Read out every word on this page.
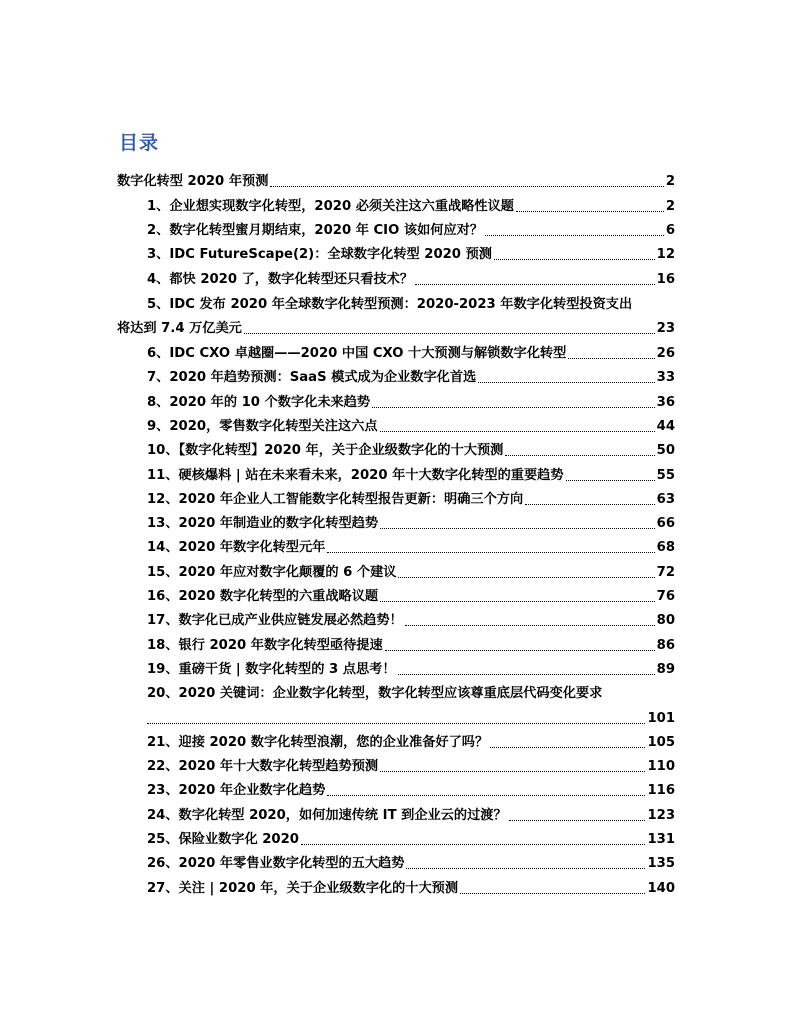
目录
数字化转型 2020 年预测	2
1、企业想实现数字化转型，2020 必须关注这六重战略性议题	2
2、数字化转型蜜月期结束，2020 年 CIO 该如何应对？	6
3、IDC FutureScape(2)：全球数字化转型 2020 预测	12
4、都快 2020 了，数字化转型还只看技术？	16
5、IDC 发布 2020 年全球数字化转型预测：2020-2023 年数字化转型投资支出
将达到 7.4 万亿美元	23
6、IDC CXO 卓越圈——2020 中国 CXO 十大预测与解锁数字化转型	26
7、2020 年趋势预测：SaaS 模式成为企业数字化首选	33
8、2020 年的 10 个数字化未来趋势	36
9、2020，零售数字化转型关注这六点	44
10、【数字化转型】2020 年，关于企业级数字化的十大预测	50
11、硬核爆料 | 站在未来看未来，2020 年十大数字化转型的重要趋势	55
12、2020 年企业人工智能数字化转型报告更新：明确三个方向	63
13、2020 年制造业的数字化转型趋势	66
14、2020 年数字化转型元年	68
15、2020 年应对数字化颠覆的 6 个建议	72
16、2020 数字化转型的六重战略议题	76
17、数字化已成产业供应链发展必然趋势！	80
18、银行 2020 年数字化转型亟待提速	86
19、重磅干货 | 数字化转型的 3 点思考！	89
20、2020 关键词：企业数字化转型，数字化转型应该尊重底层代码变化要求
101
21、迎接 2020 数字化转型浪潮，您的企业准备好了吗？	105
22、2020 年十大数字化转型趋势预测	110
23、2020 年企业数字化趋势	116
24、数字化转型 2020，如何加速传统 IT 到企业云的过渡？	123
25、保险业数字化 2020	131
26、2020 年零售业数字化转型的五大趋势	135
27、关注 | 2020 年，关于企业级数字化的十大预测	140
